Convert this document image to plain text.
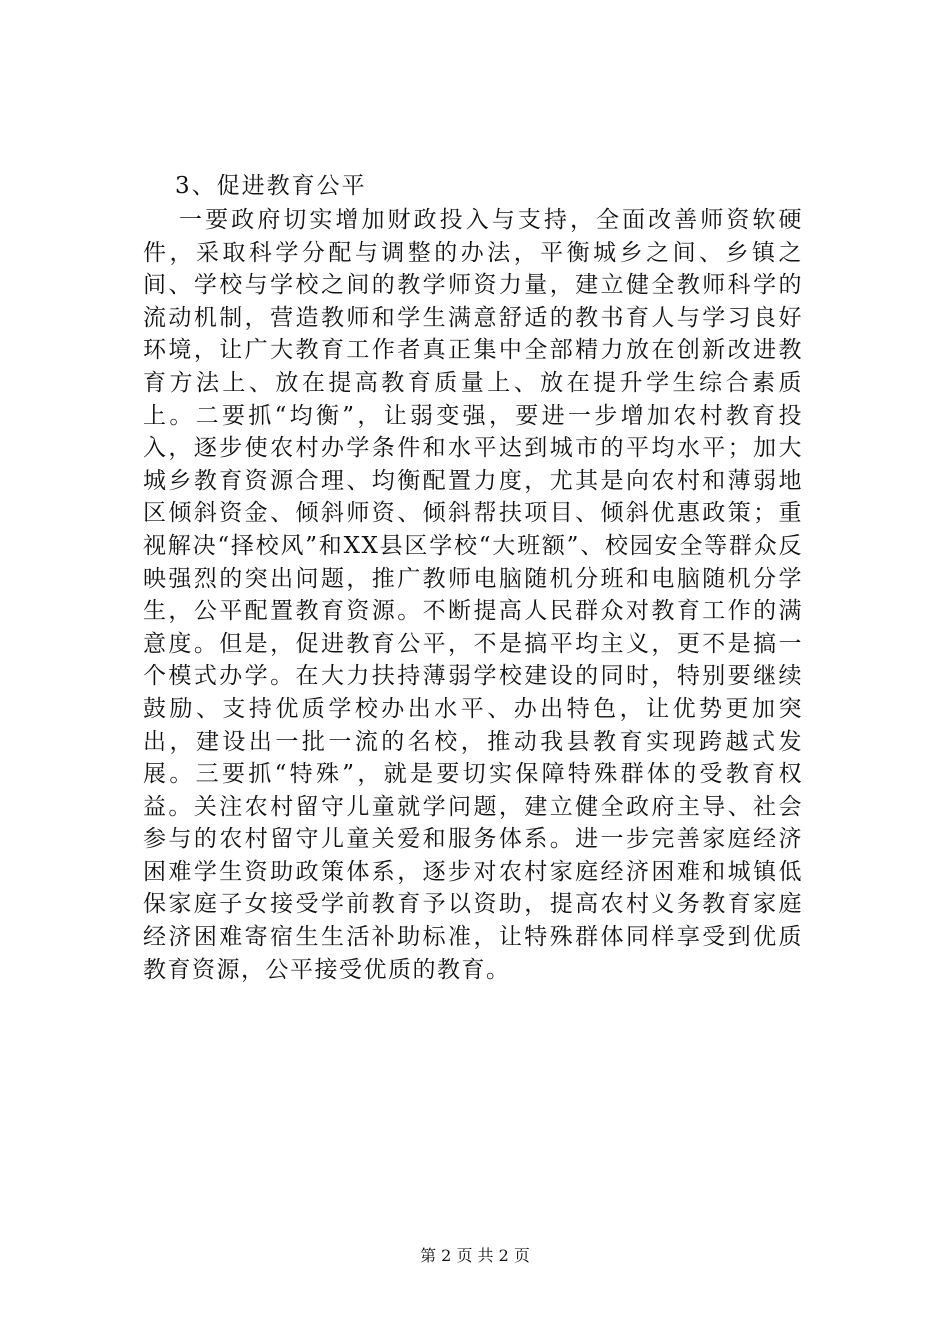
3、促进教育公平

一要政府切实增加财政投入与支持，全面改善师资软硬件，采取科学分配与调整的办法，平衡城乡之间、乡镇之间、学校与学校之间的教学师资力量，建立健全教师科学的流动机制，营造教师和学生满意舒适的教书育人与学习良好环境，让广大教育工作者真正集中全部精力放在创新改进教育方法上、放在提高教育质量上、放在提升学生综合素质上。二要抓“均衡”，让弱变强，要进一步增加农村教育投入，逐步使农村办学条件和水平达到城市的平均水平；加大城乡教育资源合理、均衡配置力度，尤其是向农村和薄弱地区倾斜资金、倾斜师资、倾斜帮扶项目、倾斜优惠政策；重视解决“择校风”和XX县区学校“大班额”、校园安全等群众反映强烈的突出问题，推广教师电脑随机分班和电脑随机分学生，公平配置教育资源。不断提高人民群众对教育工作的满意度。但是，促进教育公平，不是搞平均主义，更不是搞一个模式办学。在大力扶持薄弱学校建设的同时，特别要继续鼓励、支持优质学校办出水平、办出特色，让优势更加突出，建设出一批一流的名校，推动我县教育实现跨越式发展。三要抓“特殊”，就是要切实保障特殊群体的受教育权益。关注农村留守儿童就学问题，建立健全政府主导、社会参与的农村留守儿童关爱和服务体系。进一步完善家庭经济困难学生资助政策体系，逐步对农村家庭经济困难和城镇低保家庭子女接受学前教育予以资助，提高农村义务教育家庭经济困难寄宿生生活补助标准，让特殊群体同样享受到优质教育资源，公平接受优质的教育。

第 2 页 共 2 页
